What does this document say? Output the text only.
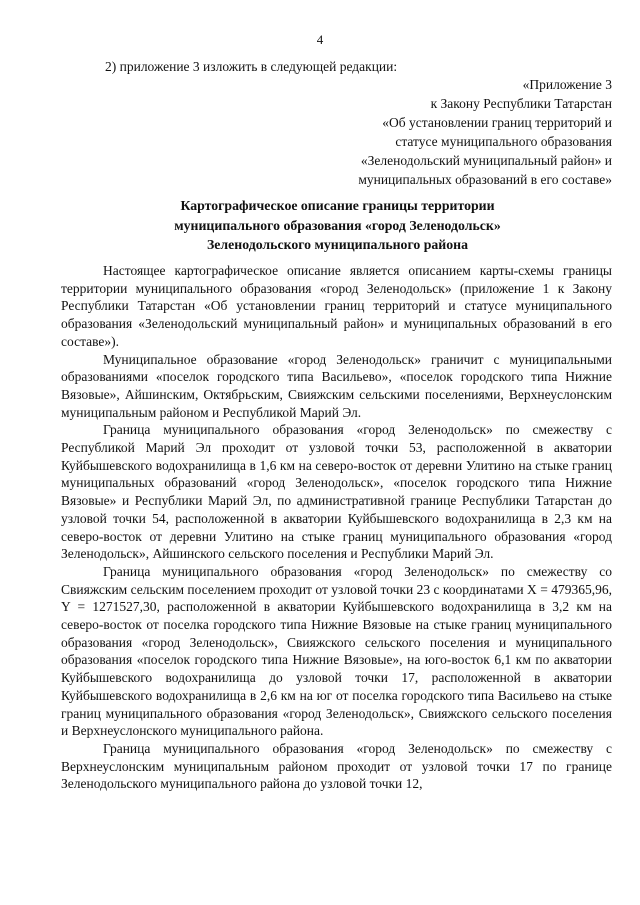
4
2) приложение 3 изложить в следующей редакции:
«Приложение 3
к Закону Республики Татарстан
«Об установлении границ территорий и
статусе муниципального образования
«Зеленодольский муниципальный район» и
муниципальных образований в его составе»
Картографическое описание границы территории
муниципального образования «город Зеленодольск»
Зеленодольского муниципального района

Настоящее картографическое описание является описанием карты-схемы границы территории муниципального образования «город Зеленодольск» (приложение 1 к Закону Республики Татарстан «Об установлении границ территорий и статусе муниципального образования «Зеленодольский муниципальный район» и муниципальных образований в его составе»).

Муниципальное образование «город Зеленодольск» граничит с муниципальными образованиями «поселок городского типа Васильево», «поселок городского типа Нижние Вязовые», Айшинским, Октябрьским, Свияжским сельскими поселениями, Верхнеуслонским муниципальным районом и Республикой Марий Эл.

Граница муниципального образования «город Зеленодольск» по смежеству с Республикой Марий Эл проходит от узловой точки 53, расположенной в акватории Куйбышевского водохранилища в 1,6 км на северо-восток от деревни Улитино на стыке границ муниципальных образований «город Зеленодольск», «поселок городского типа Нижние Вязовые» и Республики Марий Эл, по административной границе Республики Татарстан до узловой точки 54, расположенной в акватории Куйбышевского водохранилища в 2,3 км на северо-восток от деревни Улитино на стыке границ муниципального образования «город Зеленодольск», Айшинского сельского поселения и Республики Марий Эл.

Граница муниципального образования «город Зеленодольск» по смежеству со Свияжским сельским поселением проходит от узловой точки 23 с координатами X = 479365,96, Y = 1271527,30, расположенной в акватории Куйбышевского водохранилища в 3,2 км на северо-восток от поселка городского типа Нижние Вязовые на стыке границ муниципального образования «город Зеленодольск», Свияжского сельского поселения и муниципального образования «поселок городского типа Нижние Вязовые», на юго-восток 6,1 км по акватории Куйбышевского водохранилища до узловой точки 17, расположенной в акватории Куйбышевского водохранилища в 2,6 км на юг от поселка городского типа Васильево на стыке границ муниципального образования «город Зеленодольск», Свияжского сельского поселения и Верхнеуслонского муниципального района.

Граница муниципального образования «город Зеленодольск» по смежеству с Верхнеуслонским муниципальным районом проходит от узловой точки 17 по границе Зеленодольского муниципального района до узловой точки 12,
